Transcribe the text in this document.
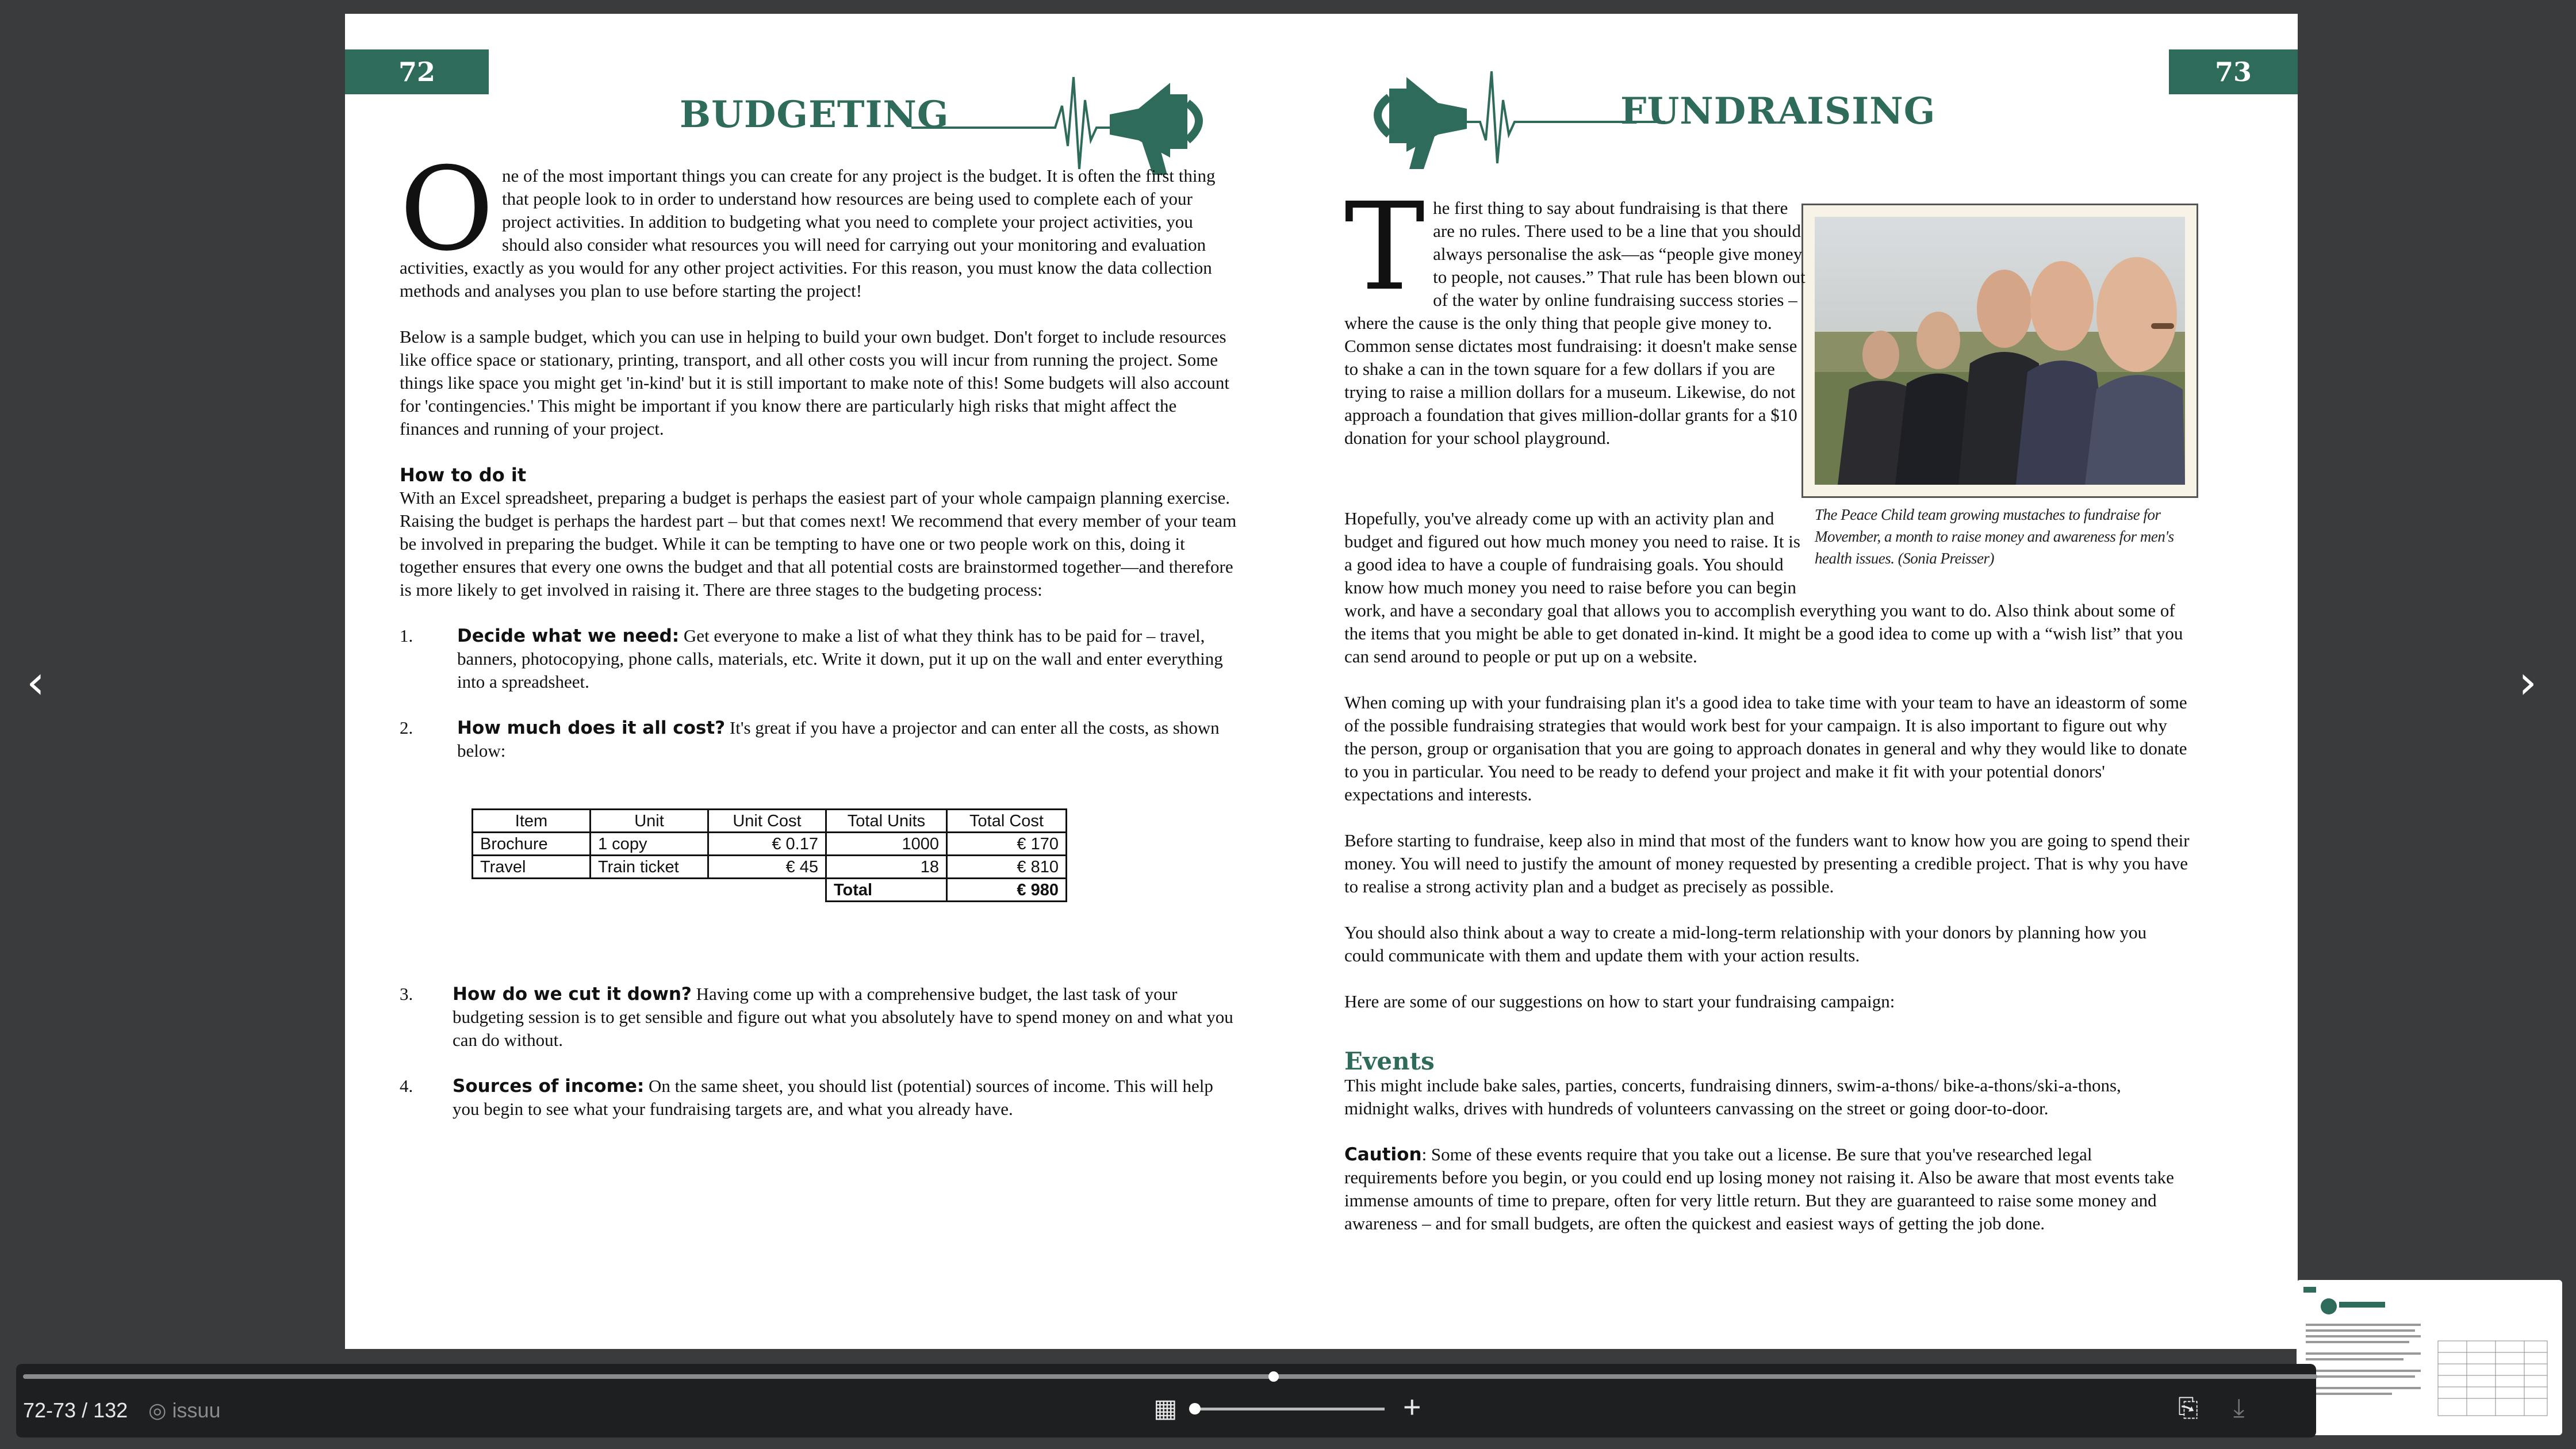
72
BUDGETING

One of the most important things you can create for any project is the budget. It is often the first thing that people look to in order to understand how resources are being used to complete each of your project activities. In addition to budgeting what you need to complete your project activities, you should also consider what resources you will need for carrying out your monitoring and evaluation activities, exactly as you would for any other project activities. For this reason, you must know the data collection methods and analyses you plan to use before starting the project!

Below is a sample budget, which you can use in helping to build your own budget. Don't forget to include resources like office space or stationary, printing, transport, and all other costs you will incur from running the project. Some things like space you might get 'in-kind' but it is still important to make note of this! Some budgets will also account for 'contingencies.' This might be important if you know there are particularly high risks that might affect the finances and running of your project.

How to do it

With an Excel spreadsheet, preparing a budget is perhaps the easiest part of your whole campaign planning exercise. Raising the budget is perhaps the hardest part – but that comes next! We recommend that every member of your team be involved in preparing the budget. While it can be tempting to have one or two people work on this, doing it together ensures that every one owns the budget and that all potential costs are brainstormed together—and therefore is more likely to get involved in raising it. There are three stages to the budgeting process:

1. Decide what we need: Get everyone to make a list of what they think has to be paid for – travel, banners, photocopying, phone calls, materials, etc. Write it down, put it up on the wall and enter everything into a spreadsheet.
2. How much does it all cost? It's great if you have a projector and can enter all the costs, as shown below:
Item	Unit	Unit Cost	Total Units	Total Cost
Brochure	1 copy	€ 0.17	1000	€ 170
Travel	Train ticket	€ 45	18	€ 810
			Total	€ 980
3. How do we cut it down? Having come up with a comprehensive budget, the last task of your budgeting session is to get sensible and figure out what you absolutely have to spend money on and what you can do without.
4. Sources of income: On the same sheet, you should list (potential) sources of income. This will help you begin to see what your fundraising targets are, and what you already have.
73
FUNDRAISING
The Peace Child team growing mustaches to fundraise for Movember, a month to raise money and awareness for men's health issues. (Sonia Preisser)

The first thing to say about fundraising is that there are no rules. There used to be a line that you should always personalise the ask—as “people give money to people, not causes.” That rule has been blown out of the water by online fundraising success stories – where the cause is the only thing that people give money to. Common sense dictates most fundraising: it doesn't make sense to shake a can in the town square for a few dollars if you are trying to raise a million dollars for a museum. Likewise, do not approach a foundation that gives million-dollar grants for a $10 donation for your school playground.

Hopefully, you've already come up with an activity plan and budget and figured out how much money you need to raise. It is a good idea to have a couple of fundraising goals. You should know how much money you need to raise before you can begin work, and have a secondary goal that allows you to accomplish everything you want to do. Also think about some of the items that you might be able to get donated in-kind. It might be a good idea to come up with a “wish list” that you can send around to people or put up on a website.

When coming up with your fundraising plan it's a good idea to take time with your team to have an ideastorm of some of the possible fundraising strategies that would work best for your campaign. It is also important to figure out why the person, group or organisation that you are going to approach donates in general and why they would like to donate to you in particular. You need to be ready to defend your project and make it fit with your potential donors' expectations and interests.

Before starting to fundraise, keep also in mind that most of the funders want to know how you are going to spend their money. You will need to justify the amount of money requested by presenting a credible project. That is why you have to realise a strong activity plan and a budget as precisely as possible.

You should also think about a way to create a mid-long-term relationship with your donors by planning how you could communicate with them and update them with your action results.

Here are some of our suggestions on how to start your fundraising campaign:

Events

This might include bake sales, parties, concerts, fundraising dinners, swim-a-thons/ bike-a-thons/ski-a-thons, midnight walks, drives with hundreds of volunteers canvassing on the street or going door-to-door.

Caution: Some of these events require that you take out a license. Be sure that you've researched legal requirements before you begin, or you could end up losing money not raising it. Also be aware that most events take immense amounts of time to prepare, often for very little return. But they are guaranteed to raise some money and awareness – and for small budgets, are often the quickest and easiest ways of getting the job done.

‹	›
72-73 / 132 ◎ issuu	▦	+	⎘ ⤓
